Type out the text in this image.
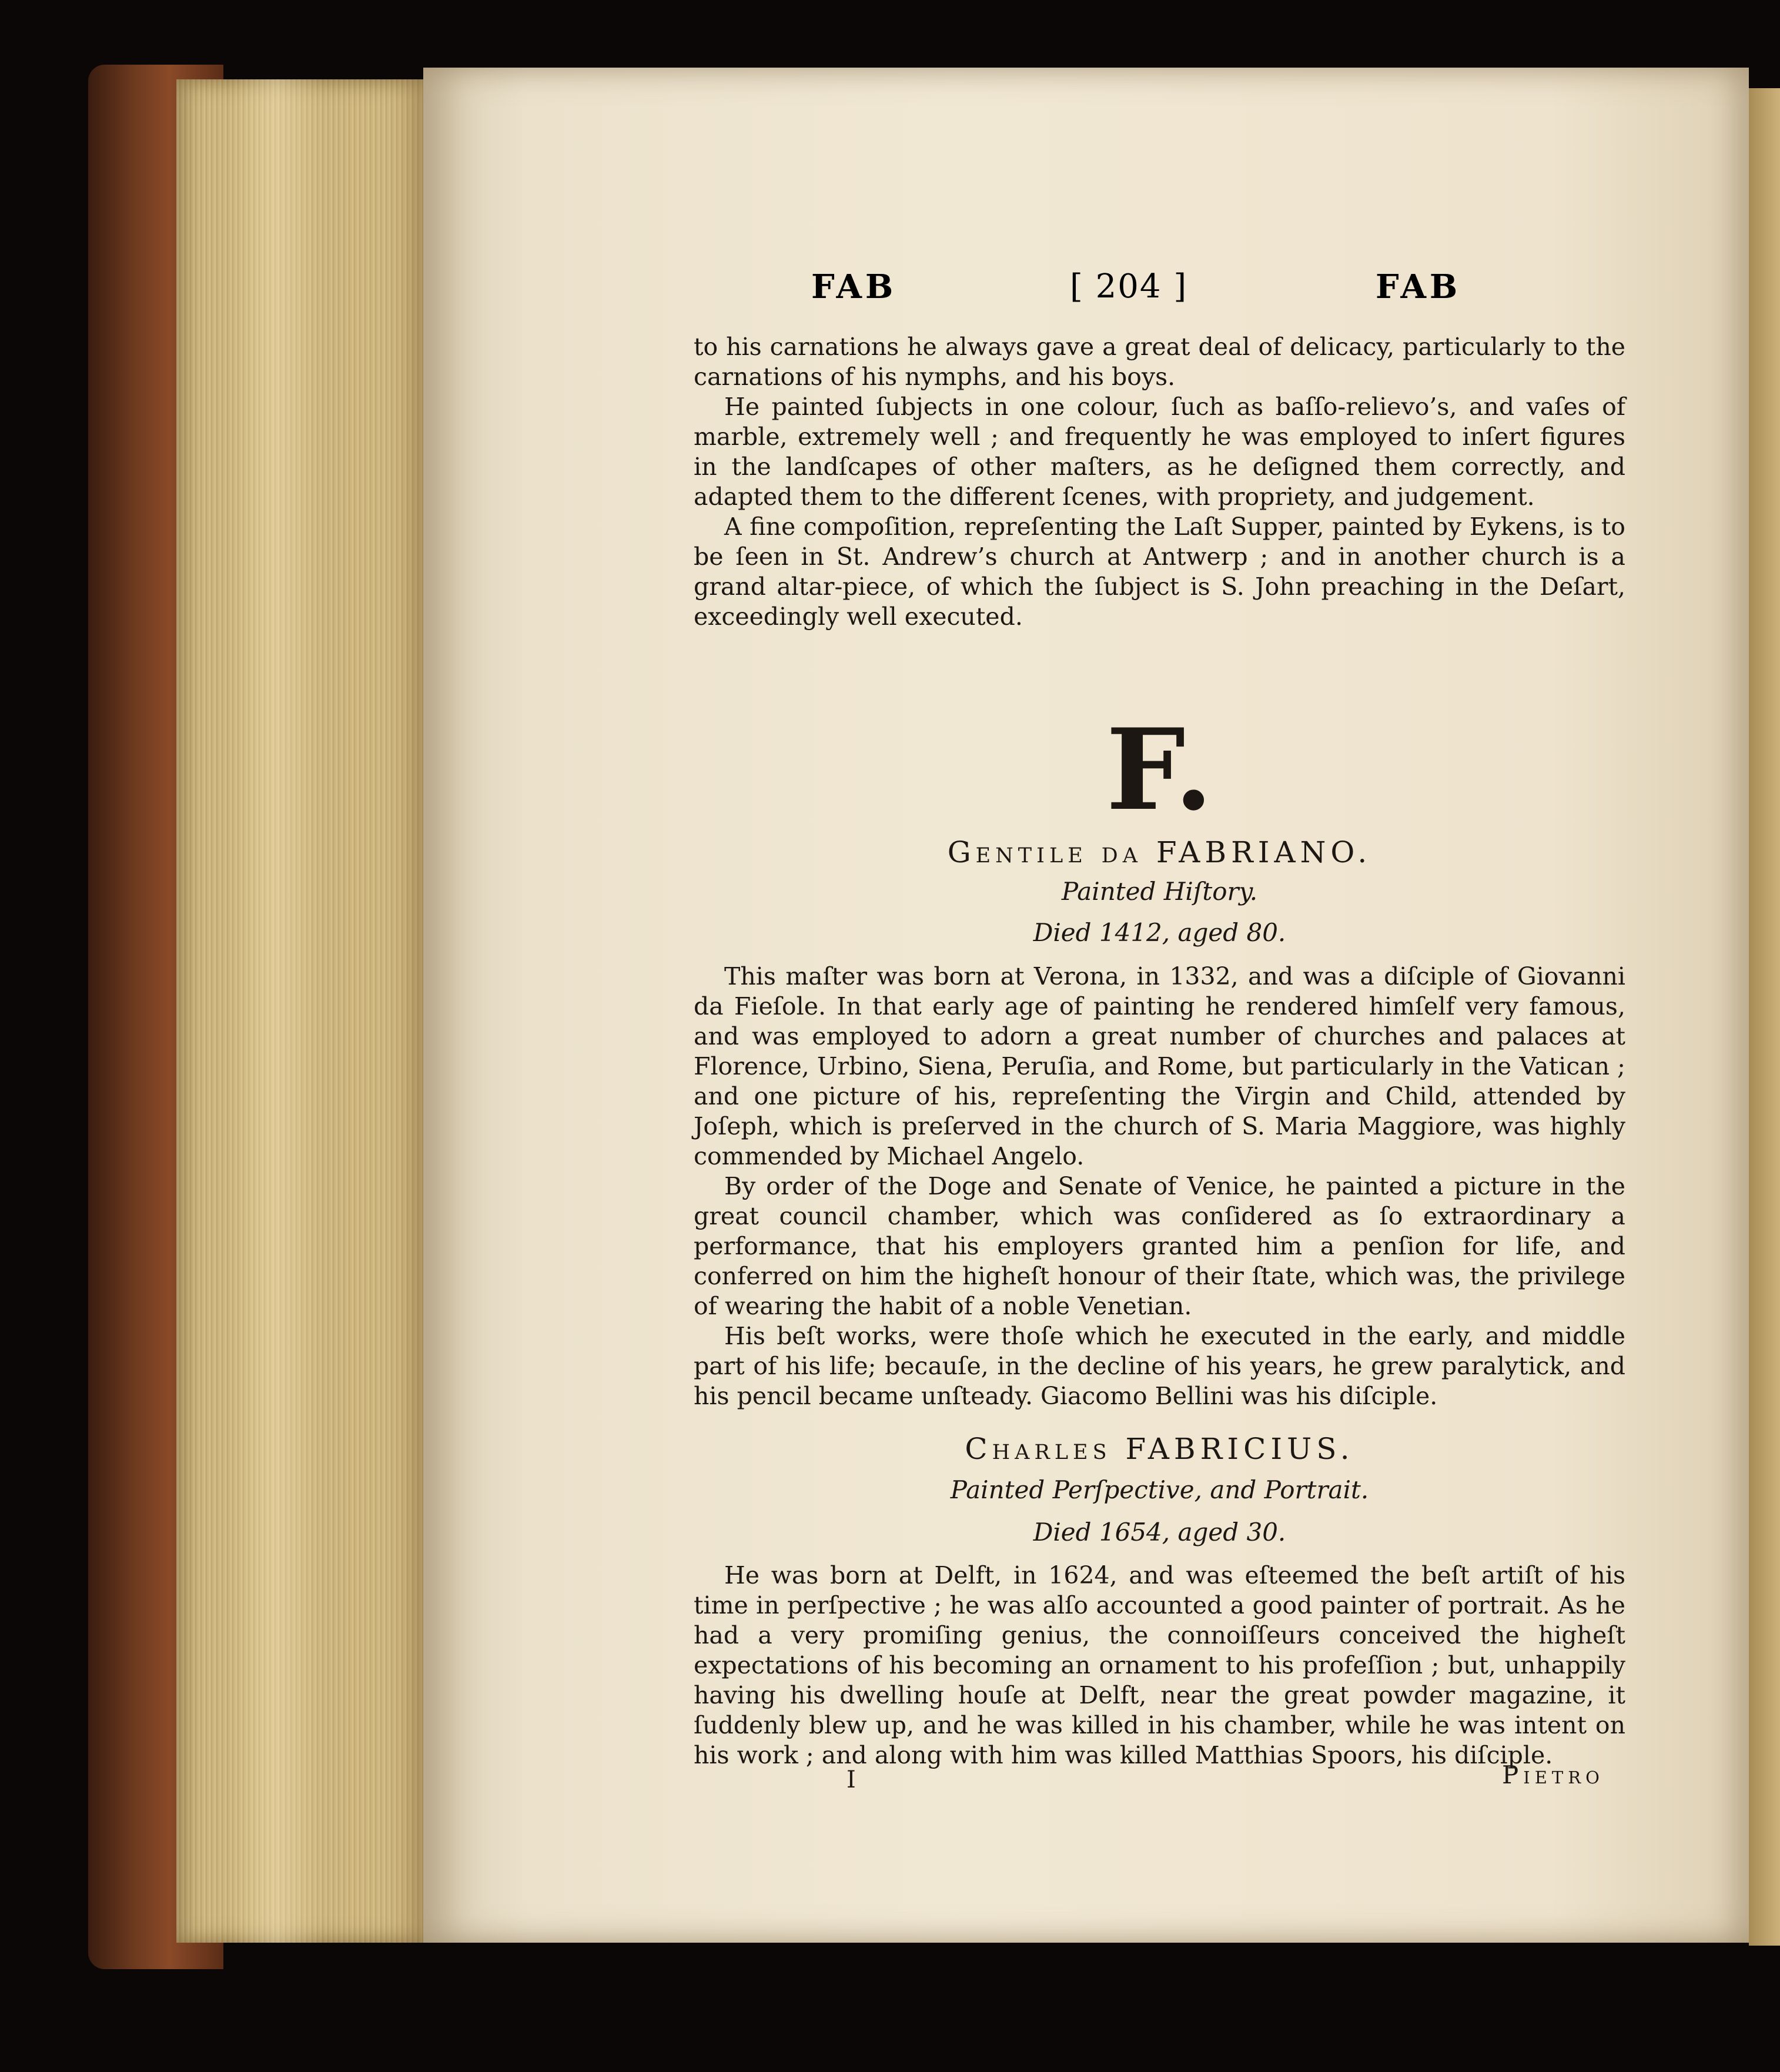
FAB	[ 204 ]	FAB

to his carnations he always gave a great deal of delicacy, particularly to the carnations of his nymphs, and his boys.

He painted ſubjects in one colour, ſuch as baſſo-relievo’s, and vaſes of marble, extremely well ; and frequently he was employed to inſert figures in the landſcapes of other maſters, as he deſigned them correctly, and adapted them to the different ſcenes, with propriety, and judgement.

A fine compoſition, repreſenting the Laſt Supper, painted by Eykens, is to be ſeen in St. Andrew’s church at Antwerp ; and in another church is a grand altar-piece, of which the ſubject is S. John preaching in the Deſart, exceedingly well executed.

F.
Gentile da FABRIANO.
Painted Hiſtory.
Died 1412, aged 80.

This maſter was born at Verona, in 1332, and was a diſciple of Giovanni da Fieſole. In that early age of painting he rendered himſelf very famous, and was employed to adorn a great number of churches and palaces at Florence, Urbino, Siena, Peruſia, and Rome, but particularly in the Vatican ; and one picture of his, repreſenting the Virgin and Child, attended by Joſeph, which is preſerved in the church of S. Maria Maggiore, was highly commended by Michael Angelo.

By order of the Doge and Senate of Venice, he painted a picture in the great council chamber, which was conſidered as ſo extraordinary a performance, that his employers granted him a penſion for life, and conferred on him the higheſt honour of their ſtate, which was, the privilege of wearing the habit of a noble Venetian.

His beſt works, were thoſe which he executed in the early, and middle part of his life; becauſe, in the decline of his years, he grew paralytick, and his pencil became unſteady. Giacomo Bellini was his diſciple.

Charles FABRICIUS.
Painted Perſpective, and Portrait.
Died 1654, aged 30.

He was born at Delft, in 1624, and was eſteemed the beſt artiſt of his time in perſpective ; he was alſo accounted a good painter of portrait. As he had a very promiſing genius, the connoiſſeurs conceived the higheſt expectations of his becoming an ornament to his profeſſion ; but, unhappily having his dwelling houſe at Delft, near the great powder magazine, it ſuddenly blew up, and he was killed in his chamber, while he was intent on his work ; and along with him was killed Matthias Spoors, his diſciple.

I	Pietro
